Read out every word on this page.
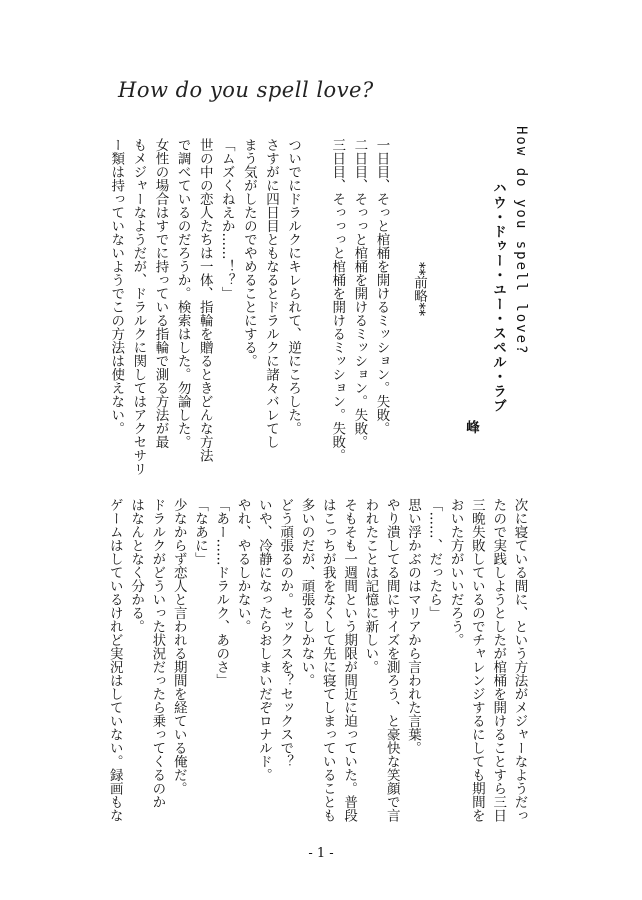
How do you spell love?
How do you spell love?
ハウ・ドゥー・ユー・スペル・ラブ
峰
**前略**
一日目、そっと棺桶を開けるミッション。失敗。
二日目、そっっと棺桶を開けるミッション。失敗。
三日目、そっっっと棺桶を開けるミッション。失敗。
ついでにドラルクにキレられて、逆にころした。
さすがに四日目ともなるとドラルクに諸々バレてし
まう気がしたのでやめることにする。
「ムズくねえか……！？」
世の中の恋人たちは一体、指輪を贈るときどんな方法
で調べているのだろうか。検索はした。勿論した。
女性の場合はすでに持っている指輪で測る方法が最
もメジャーなようだが、ドラルクに関してはアクセサリ
ー類は持っていないようでこの方法は使えない。
次に寝ている間に、という方法がメジャーなようだっ
たので実践しようとしたが棺桶を開けることすら三日
三晩失敗しているのでチャレンジするにしても期間を
おいた方がいいだろう。
「……、だったら」
思い浮かぶのはマリアから言われた言葉。
やり潰してる間にサイズを測ろう、と豪快な笑顔で言
われたことは記憶に新しい。
そもそも一週間という期限が間近に迫っていた。普段
はこっちが我をなくして先に寝てしまっていることも
多いのだが、頑張るしかない。
どう頑張るのか。セックスを？セックスで？
いや、冷静になったらおしまいだぞロナルド。
やれ、やるしかない。
「あー……ドラルク、あのさ」
「なあに」
少なからず恋人と言われる期間を経ている俺だ。
ドラルクがどういった状況だったら乗ってくるのか
はなんとなく分かる。
ゲームはしているけれど実況はしていない。録画もな
- 1 -
